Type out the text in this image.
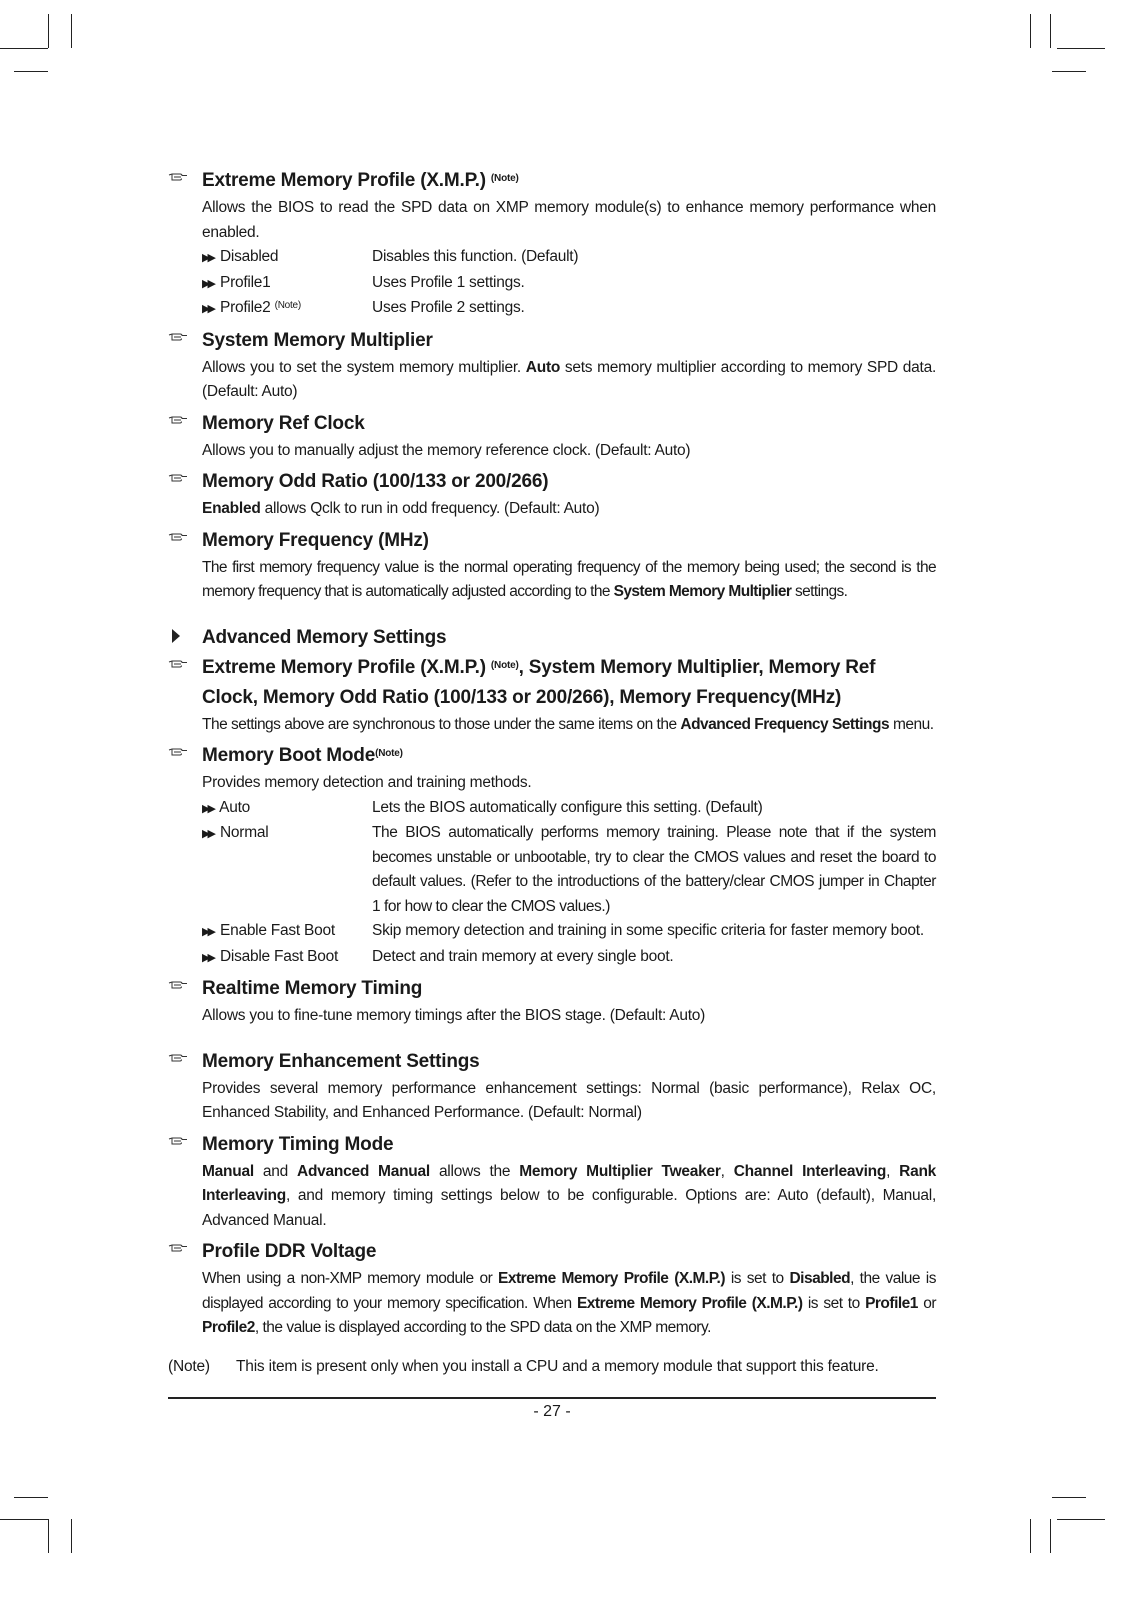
Extreme Memory Profile (X.M.P.) $^{(Note)}$
Allows the BIOS to read the SPD data on XMP memory module(s) to enhance memory performance when enabled.
▶▶ Disabled	Disables this function. (Default)
▶▶ Profile1	Uses Profile 1 settings.
▶▶ Profile2 $^{(Note)}$	Uses Profile 2 settings.
System Memory Multiplier
Allows you to set the system memory multiplier. Auto sets memory multiplier according to memory SPD data. (Default: Auto)
Memory Ref Clock
Allows you to manually adjust the memory reference clock. (Default: Auto)
Memory Odd Ratio (100/133 or 200/266)
Enabled allows Qclk to run in odd frequency. (Default: Auto)
Memory Frequency (MHz)
The first memory frequency value is the normal operating frequency of the memory being used; the second is the memory frequency that is automatically adjusted according to the System Memory Multiplier settings.
Advanced Memory Settings
Extreme Memory Profile (X.M.P.) $^{(Note)}$, System Memory Multiplier, Memory Ref Clock, Memory Odd Ratio (100/133 or 200/266), Memory Frequency(MHz)
The settings above are synchronous to those under the same items on the Advanced Frequency Settings menu.
Memory Boot Mode$^{(Note)}$
Provides memory detection and training methods.
▶▶ Auto	Lets the BIOS automatically configure this setting. (Default)
▶▶ Normal	The BIOS automatically performs memory training. Please note that if the system becomes unstable or unbootable, try to clear the CMOS values and reset the board to default values. (Refer to the introductions of the battery/clear CMOS jumper in Chapter 1 for how to clear the CMOS values.)
▶▶ Enable Fast Boot	Skip memory detection and training in some specific criteria for faster memory boot.
▶▶ Disable Fast Boot	Detect and train memory at every single boot.
Realtime Memory Timing
Allows you to fine-tune memory timings after the BIOS stage. (Default: Auto)
Memory Enhancement Settings
Provides several memory performance enhancement settings: Normal (basic performance), Relax OC, Enhanced Stability, and Enhanced Performance. (Default: Normal)
Memory Timing Mode
Manual and Advanced Manual allows the Memory Multiplier Tweaker, Channel Interleaving, Rank Interleaving, and memory timing settings below to be configurable. Options are: Auto (default), Manual, Advanced Manual.
Profile DDR Voltage
When using a non-XMP memory module or Extreme Memory Profile (X.M.P.) is set to Disabled, the value is displayed according to your memory specification. When Extreme Memory Profile (X.M.P.) is set to Profile1 or Profile2, the value is displayed according to the SPD data on the XMP memory.
(Note)	This item is present only when you install a CPU and a memory module that support this feature.
- 27 -
